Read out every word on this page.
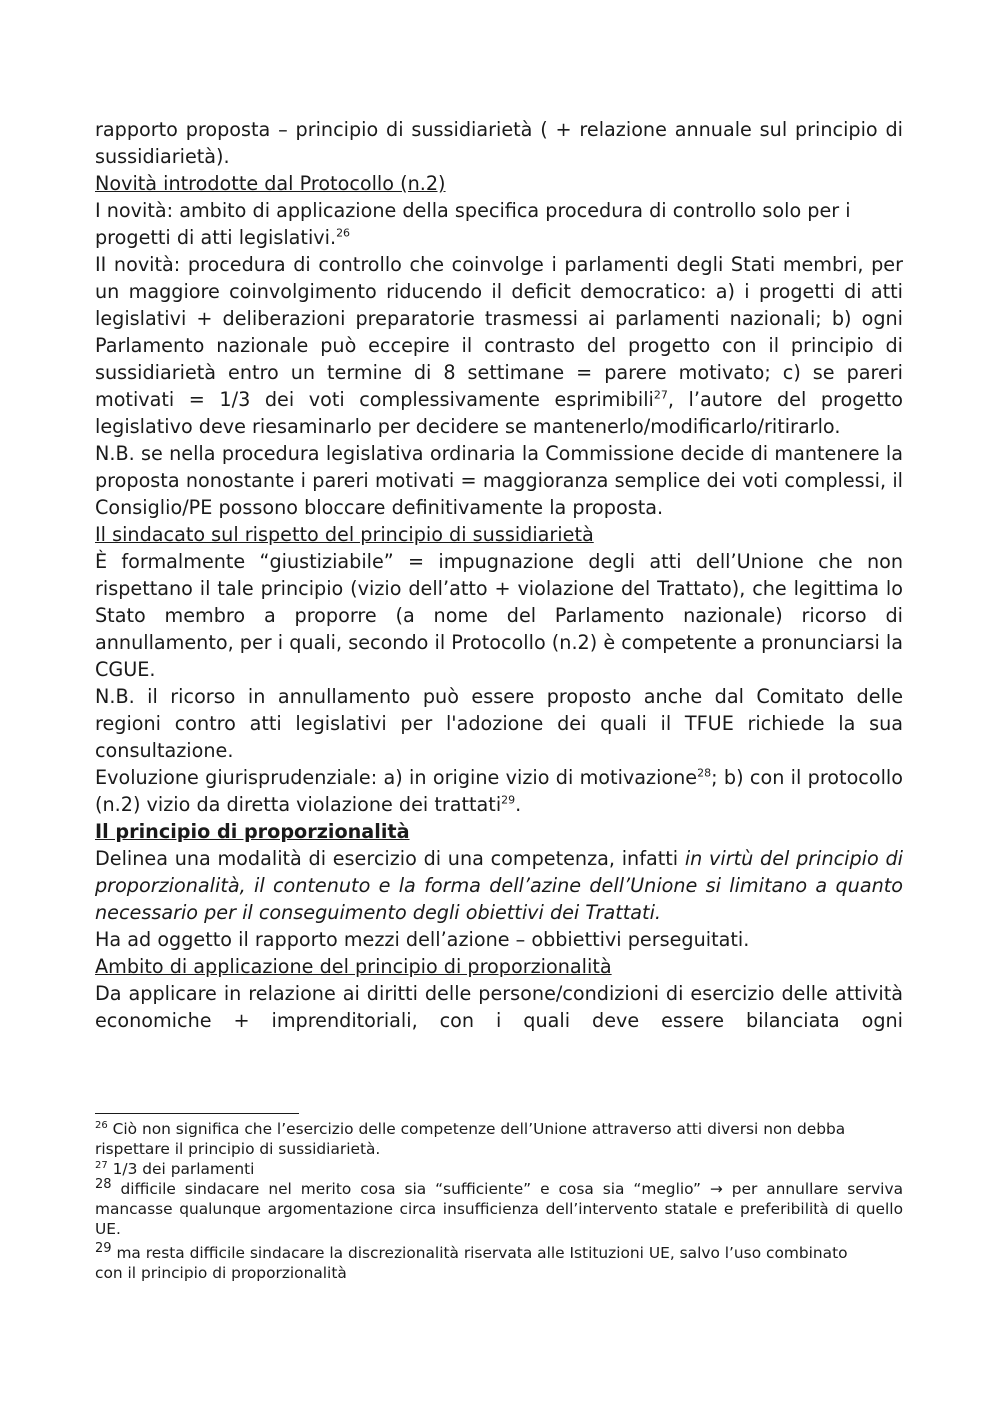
rapporto proposta – principio di sussidiarietà ( + relazione annuale sul principio di sussidiarietà).

Novità introdotte dal Protocollo (n.2)

I novità: ambito di applicazione della specifica procedura di controllo solo per i progetti di atti legislativi.$^{26}$

II novità: procedura di controllo che coinvolge i parlamenti degli Stati membri, per un maggiore coinvolgimento riducendo il deficit democratico: a) i progetti di atti legislativi + deliberazioni preparatorie trasmessi ai parlamenti nazionali; b) ogni Parlamento nazionale può eccepire il contrasto del progetto con il principio di sussidiarietà entro un termine di 8 settimane = parere motivato; c) se pareri motivati = 1/3 dei voti complessivamente esprimibili$^{27}$, l’autore del progetto legislativo deve riesaminarlo per decidere se mantenerlo/modificarlo/ritirarlo.

N.B. se nella procedura legislativa ordinaria la Commissione decide di mantenere la proposta nonostante i pareri motivati = maggioranza semplice dei voti complessi, il Consiglio/PE possono bloccare definitivamente la proposta.

Il sindacato sul rispetto del principio di sussidiarietà

È formalmente “giustiziabile” = impugnazione degli atti dell’Unione che non rispettano il tale principio (vizio dell’atto + violazione del Trattato), che legittima lo Stato membro a proporre (a nome del Parlamento nazionale) ricorso di annullamento, per i quali, secondo il Protocollo (n.2) è competente a pronunciarsi la CGUE.

N.B. il ricorso in annullamento può essere proposto anche dal Comitato delle regioni contro atti legislativi per l'adozione dei quali il TFUE richiede la sua consultazione.

Evoluzione giurisprudenziale: a) in origine vizio di motivazione$^{28}$; b) con il protocollo (n.2) vizio da diretta violazione dei trattati$^{29}$.

Il principio di proporzionalità

Delinea una modalità di esercizio di una competenza, infatti in virtù del principio di proporzionalità, il contenuto e la forma dell’azine dell’Unione si limitano a quanto necessario per il conseguimento degli obiettivi dei Trattati.

Ha ad oggetto il rapporto mezzi dell’azione – obbiettivi perseguitati.

Ambito di applicazione del principio di proporzionalità

Da applicare in relazione ai diritti delle persone/condizioni di esercizio delle attività economiche + imprenditoriali, con i quali deve essere bilanciata ogni

$^{26}$ Ciò non significa che l’esercizio delle competenze dell’Unione attraverso atti diversi non debba rispettare il principio di sussidiarietà.

$^{27}$ 1/3 dei parlamenti

$^{28}$ difficile sindacare nel merito cosa sia “sufficiente” e cosa sia “meglio” → per annullare serviva mancasse qualunque argomentazione circa insufficienza dell’intervento statale e preferibilità di quello UE.

$^{29}$ ma resta difficile sindacare la discrezionalità riservata alle Istituzioni UE, salvo l’uso combinato

con il principio di proporzionalità
